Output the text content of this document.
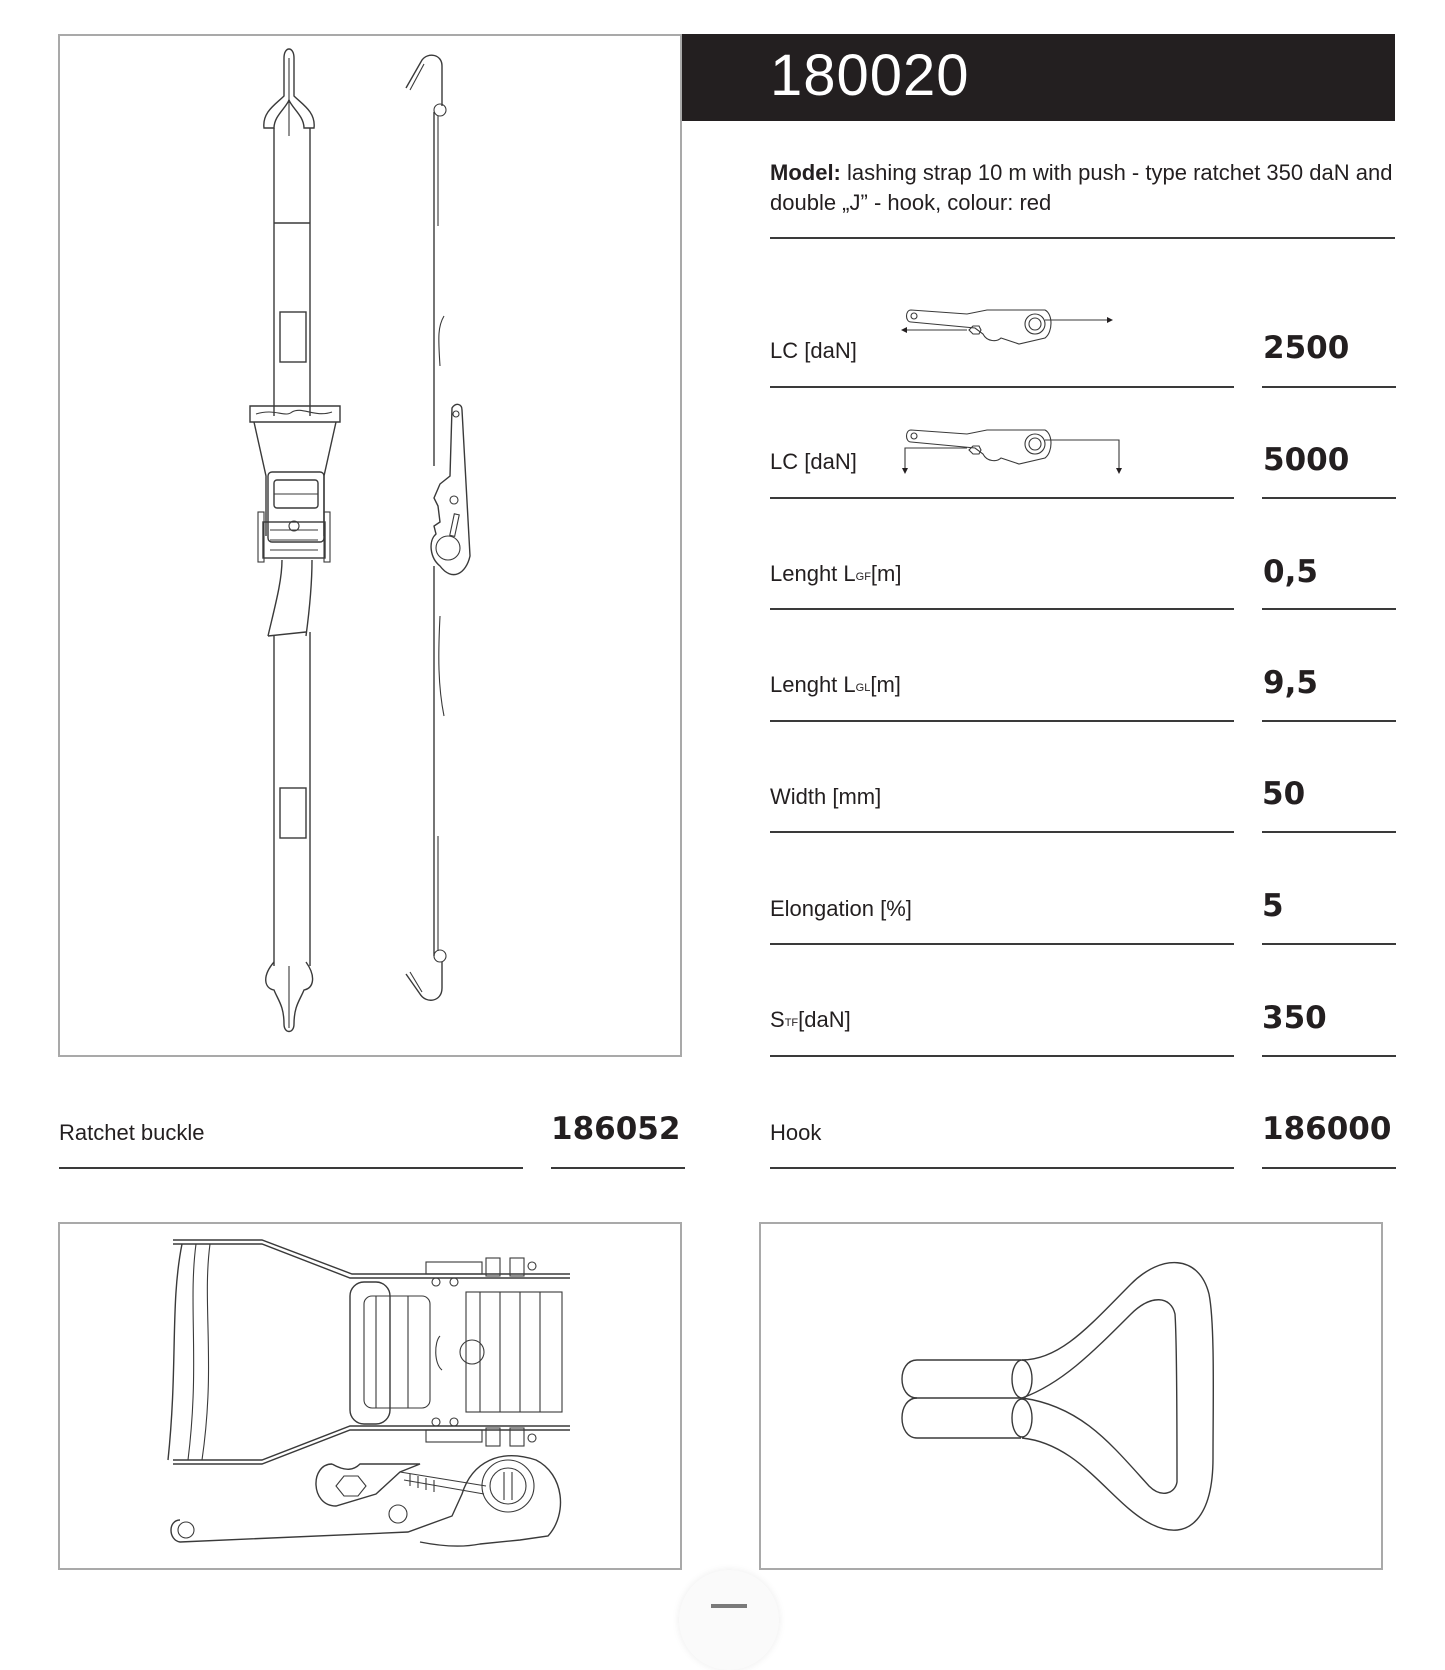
180020
Model: lashing strap 10 m with push - type ratchet 350 daN and double „J” - hook, colour: red
LC [daN]	2500
LC [daN]	5000
Lenght $L_{GF}[m]$	0,5
Lenght $L_{GL}[m]$	9,5
Width [mm]	50
Elongation [%]	5
$S_{TF}[daN]$	350
Ratchet buckle	186052	Hook	186000
